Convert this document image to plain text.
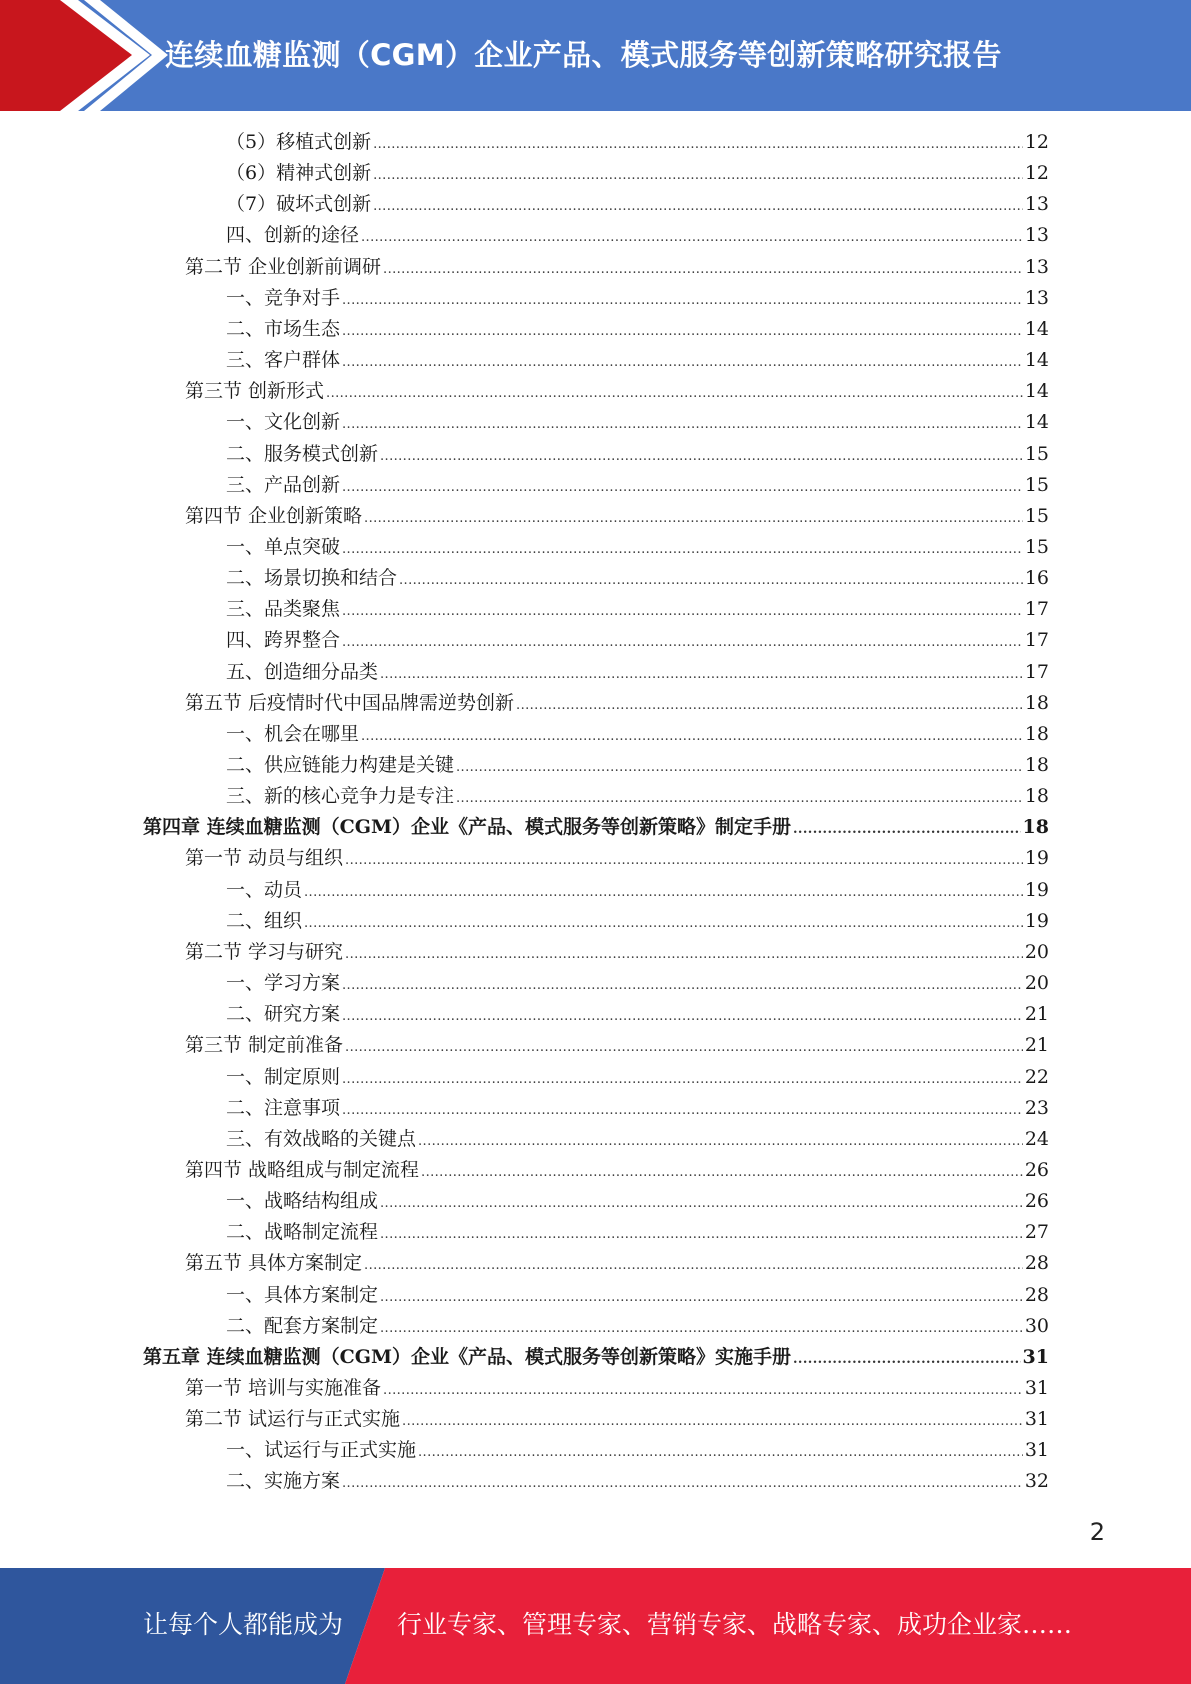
连续血糖监测（CGM）企业产品、模式服务等创新策略研究报告
（5）移植式创新 .....	12
（6）精神式创新 .....	12
（7）破坏式创新 .....	13
四、创新的途径 .....	13
第二节 企业创新前调研 .....	13
一、竞争对手 .....	13
二、市场生态 .....	14
三、客户群体 .....	14
第三节 创新形式 .....	14
一、文化创新 .....	14
二、服务模式创新 .....	15
三、产品创新 .....	15
第四节 企业创新策略 .....	15
一、单点突破 .....	15
二、场景切换和结合 .....	16
三、品类聚焦 .....	17
四、跨界整合 .....	17
五、创造细分品类 .....	17
第五节 后疫情时代中国品牌需逆势创新 .....	18
一、机会在哪里 .....	18
二、供应链能力构建是关键 .....	18
三、新的核心竞争力是专注 .....	18
第四章 连续血糖监测（CGM）企业《产品、模式服务等创新策略》制定手册 .....	18
第一节 动员与组织 .....	19
一、动员 .....	19
二、组织 .....	19
第二节 学习与研究 .....	20
一、学习方案 .....	20
二、研究方案 .....	21
第三节 制定前准备 .....	21
一、制定原则 .....	22
二、注意事项 .....	23
三、有效战略的关键点 .....	24
第四节 战略组成与制定流程 .....	26
一、战略结构组成 .....	26
二、战略制定流程 .....	27
第五节 具体方案制定 .....	28
一、具体方案制定 .....	28
二、配套方案制定 .....	30
第五章 连续血糖监测（CGM）企业《产品、模式服务等创新策略》实施手册 .....	31
第一节 培训与实施准备 .....	31
第二节 试运行与正式实施 .....	31
一、试运行与正式实施 .....	31
二、实施方案 .....	32
2
让每个人都能成为 行业专家、管理专家、营销专家、战略专家、成功企业家……
